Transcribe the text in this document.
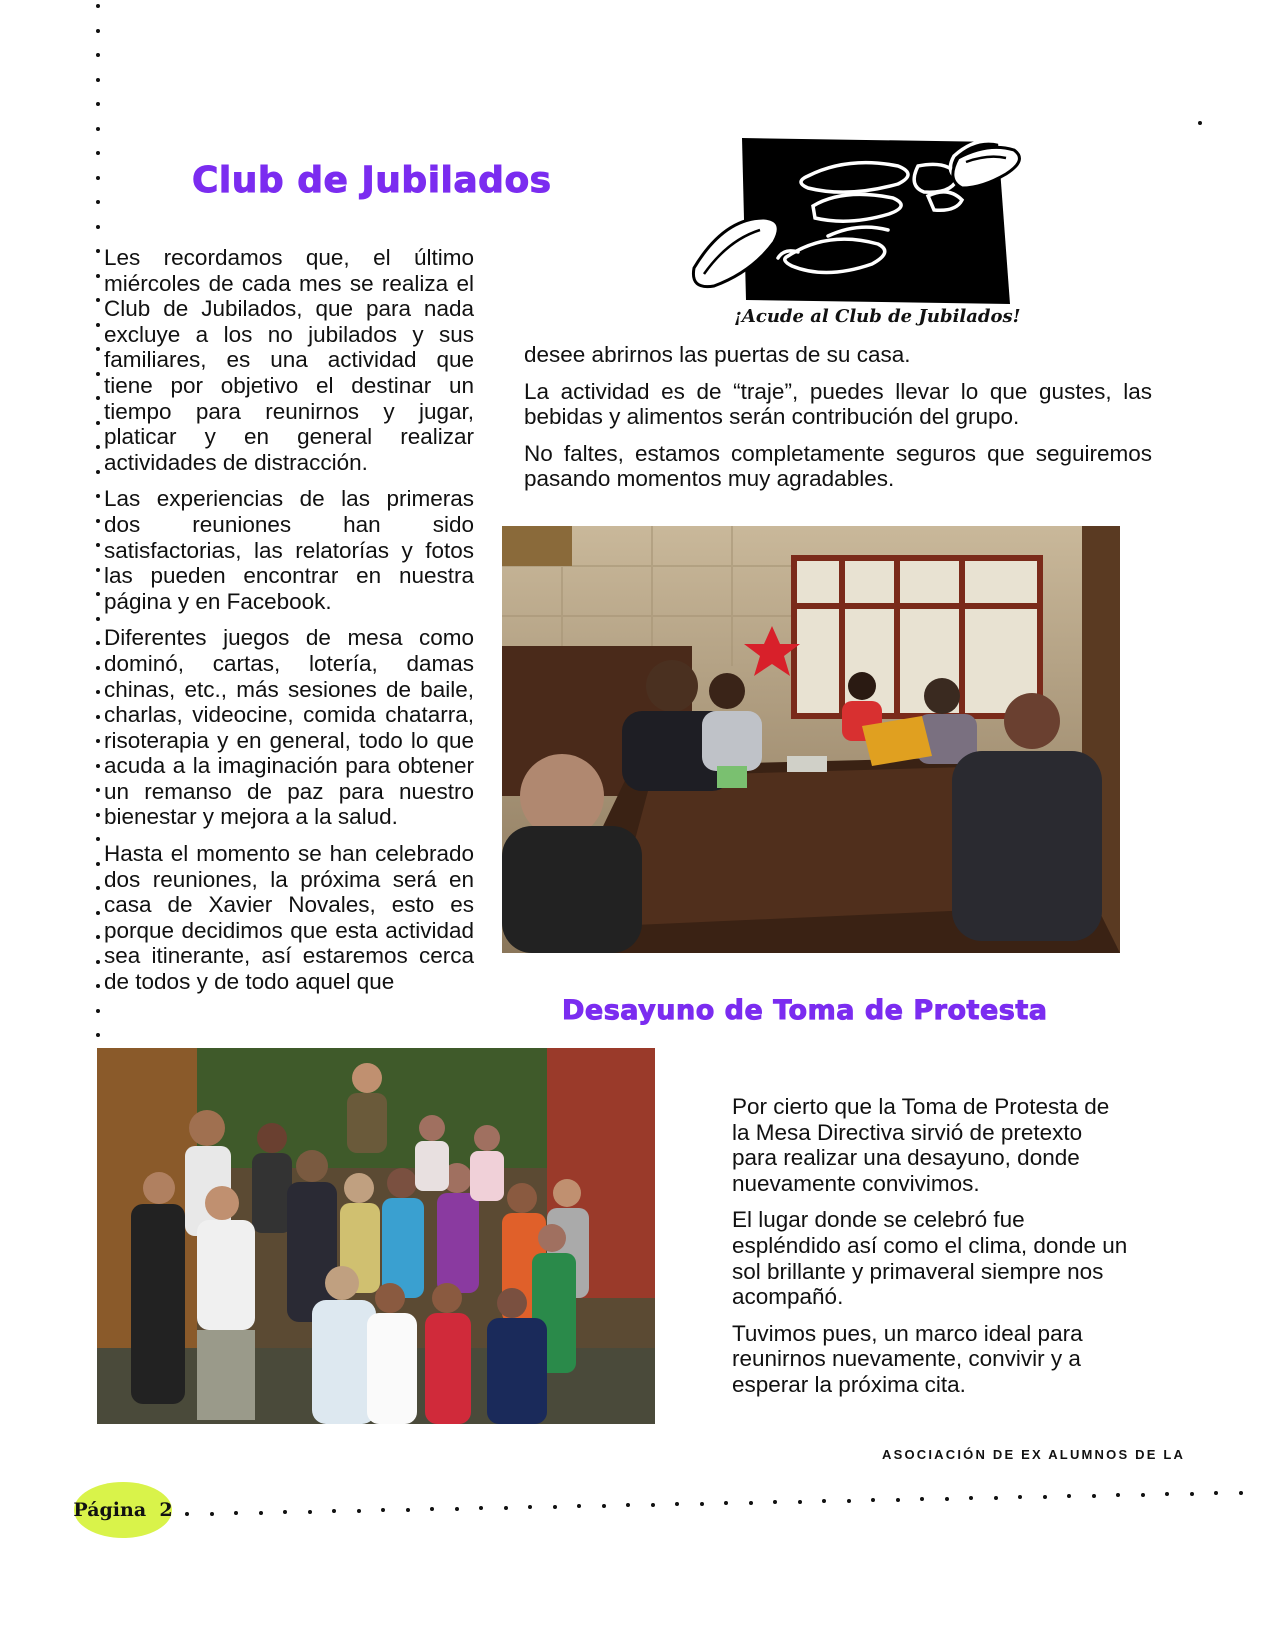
Club de Jubilados
¡Acude al Club de Jubilados!

Les recordamos que, el último miércoles de cada mes se realiza el Club de Jubilados, que para nada excluye a los no jubilados y sus familiares, es una actividad que tiene por objetivo el destinar un tiempo para reunirnos y jugar, platicar y en general realizar actividades de distracción.

Las experiencias de las primeras dos reuniones han sido satisfactorias, las relatorías y fotos las pueden encontrar en nuestra página y en Facebook.

Diferentes juegos de mesa como dominó, cartas, lotería, damas chinas, etc., más sesiones de baile, charlas, videocine, comida chatarra, risoterapia y en general, todo lo que acuda a la imaginación para obtener un remanso de paz para nuestro bienestar y mejora a la salud.

Hasta el momento se han celebrado dos reuniones, la próxima será en casa de Xavier Novales, esto es porque decidimos que esta actividad sea itinerante, así estaremos cerca de todos y de todo aquel que

desee abrirnos las puertas de su casa.

La actividad es de “traje”, puedes llevar lo que gustes, las bebidas y alimentos serán contribución del grupo.

No faltes, estamos completamente seguros que seguiremos pasando momentos muy agradables.

Desayuno de Toma de Protesta

Por cierto que la Toma de Protesta de la Mesa Directiva sirvió de pretexto para realizar una desayuno, donde nuevamente convivimos.

El lugar donde se celebró fue espléndido así como el clima, donde un sol brillante y primaveral siempre nos acompañó.

Tuvimos pues, un marco ideal para reunirnos nuevamente, convivir y a esperar la próxima cita.

Página  2
ASOCIACIÓN DE EX ALUMNOS DE LA
